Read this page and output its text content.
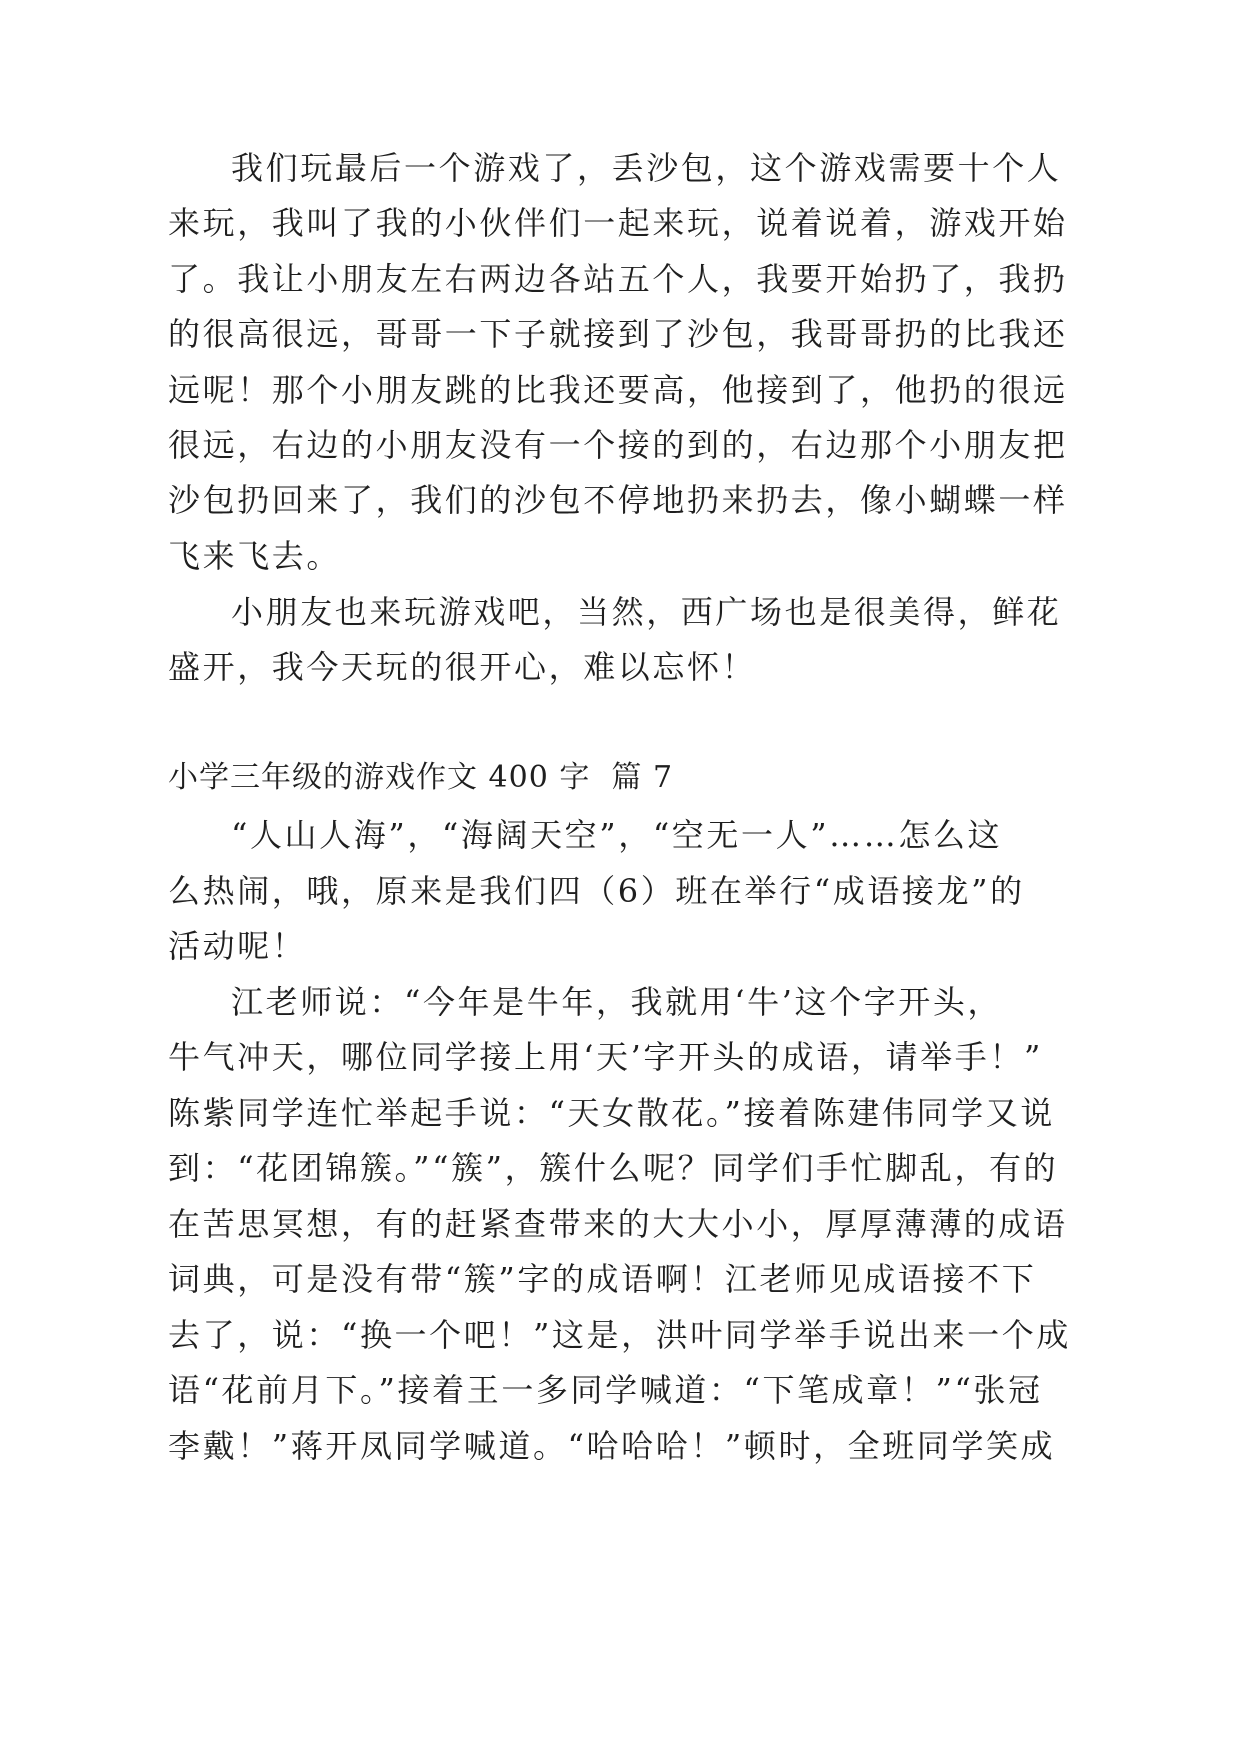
我们玩最后一个游戏了，丢沙包，这个游戏需要十个人
来玩，我叫了我的小伙伴们一起来玩，说着说着，游戏开始
了。我让小朋友左右两边各站五个人，我要开始扔了，我扔
的很高很远，哥哥一下子就接到了沙包，我哥哥扔的比我还
远呢！那个小朋友跳的比我还要高，他接到了，他扔的很远
很远，右边的小朋友没有一个接的到的，右边那个小朋友把
沙包扔回来了，我们的沙包不停地扔来扔去，像小蝴蝶一样
飞来飞去。
小朋友也来玩游戏吧，当然，西广场也是很美得，鲜花
盛开，我今天玩的很开心，难以忘怀！
小学三年级的游戏作文 400 字  篇 7
“人山人海”，“海阔天空”，“空无一人”……怎么这
么热闹，哦，原来是我们四（6）班在举行“成语接龙”的
活动呢！
江老师说：“今年是牛年，我就用‘牛’这个字开头，
牛气冲天，哪位同学接上用‘天’字开头的成语，请举手！”
陈紫同学连忙举起手说：“天女散花。”接着陈建伟同学又说
到：“花团锦簇。”“簇”，簇什么呢？同学们手忙脚乱，有的
在苦思冥想，有的赶紧查带来的大大小小，厚厚薄薄的成语
词典，可是没有带“簇”字的成语啊！江老师见成语接不下
去了，说：“换一个吧！”这是，洪叶同学举手说出来一个成
语“花前月下。”接着王一多同学喊道：“下笔成章！”“张冠
李戴！”蒋开凤同学喊道。“哈哈哈！”顿时，全班同学笑成
